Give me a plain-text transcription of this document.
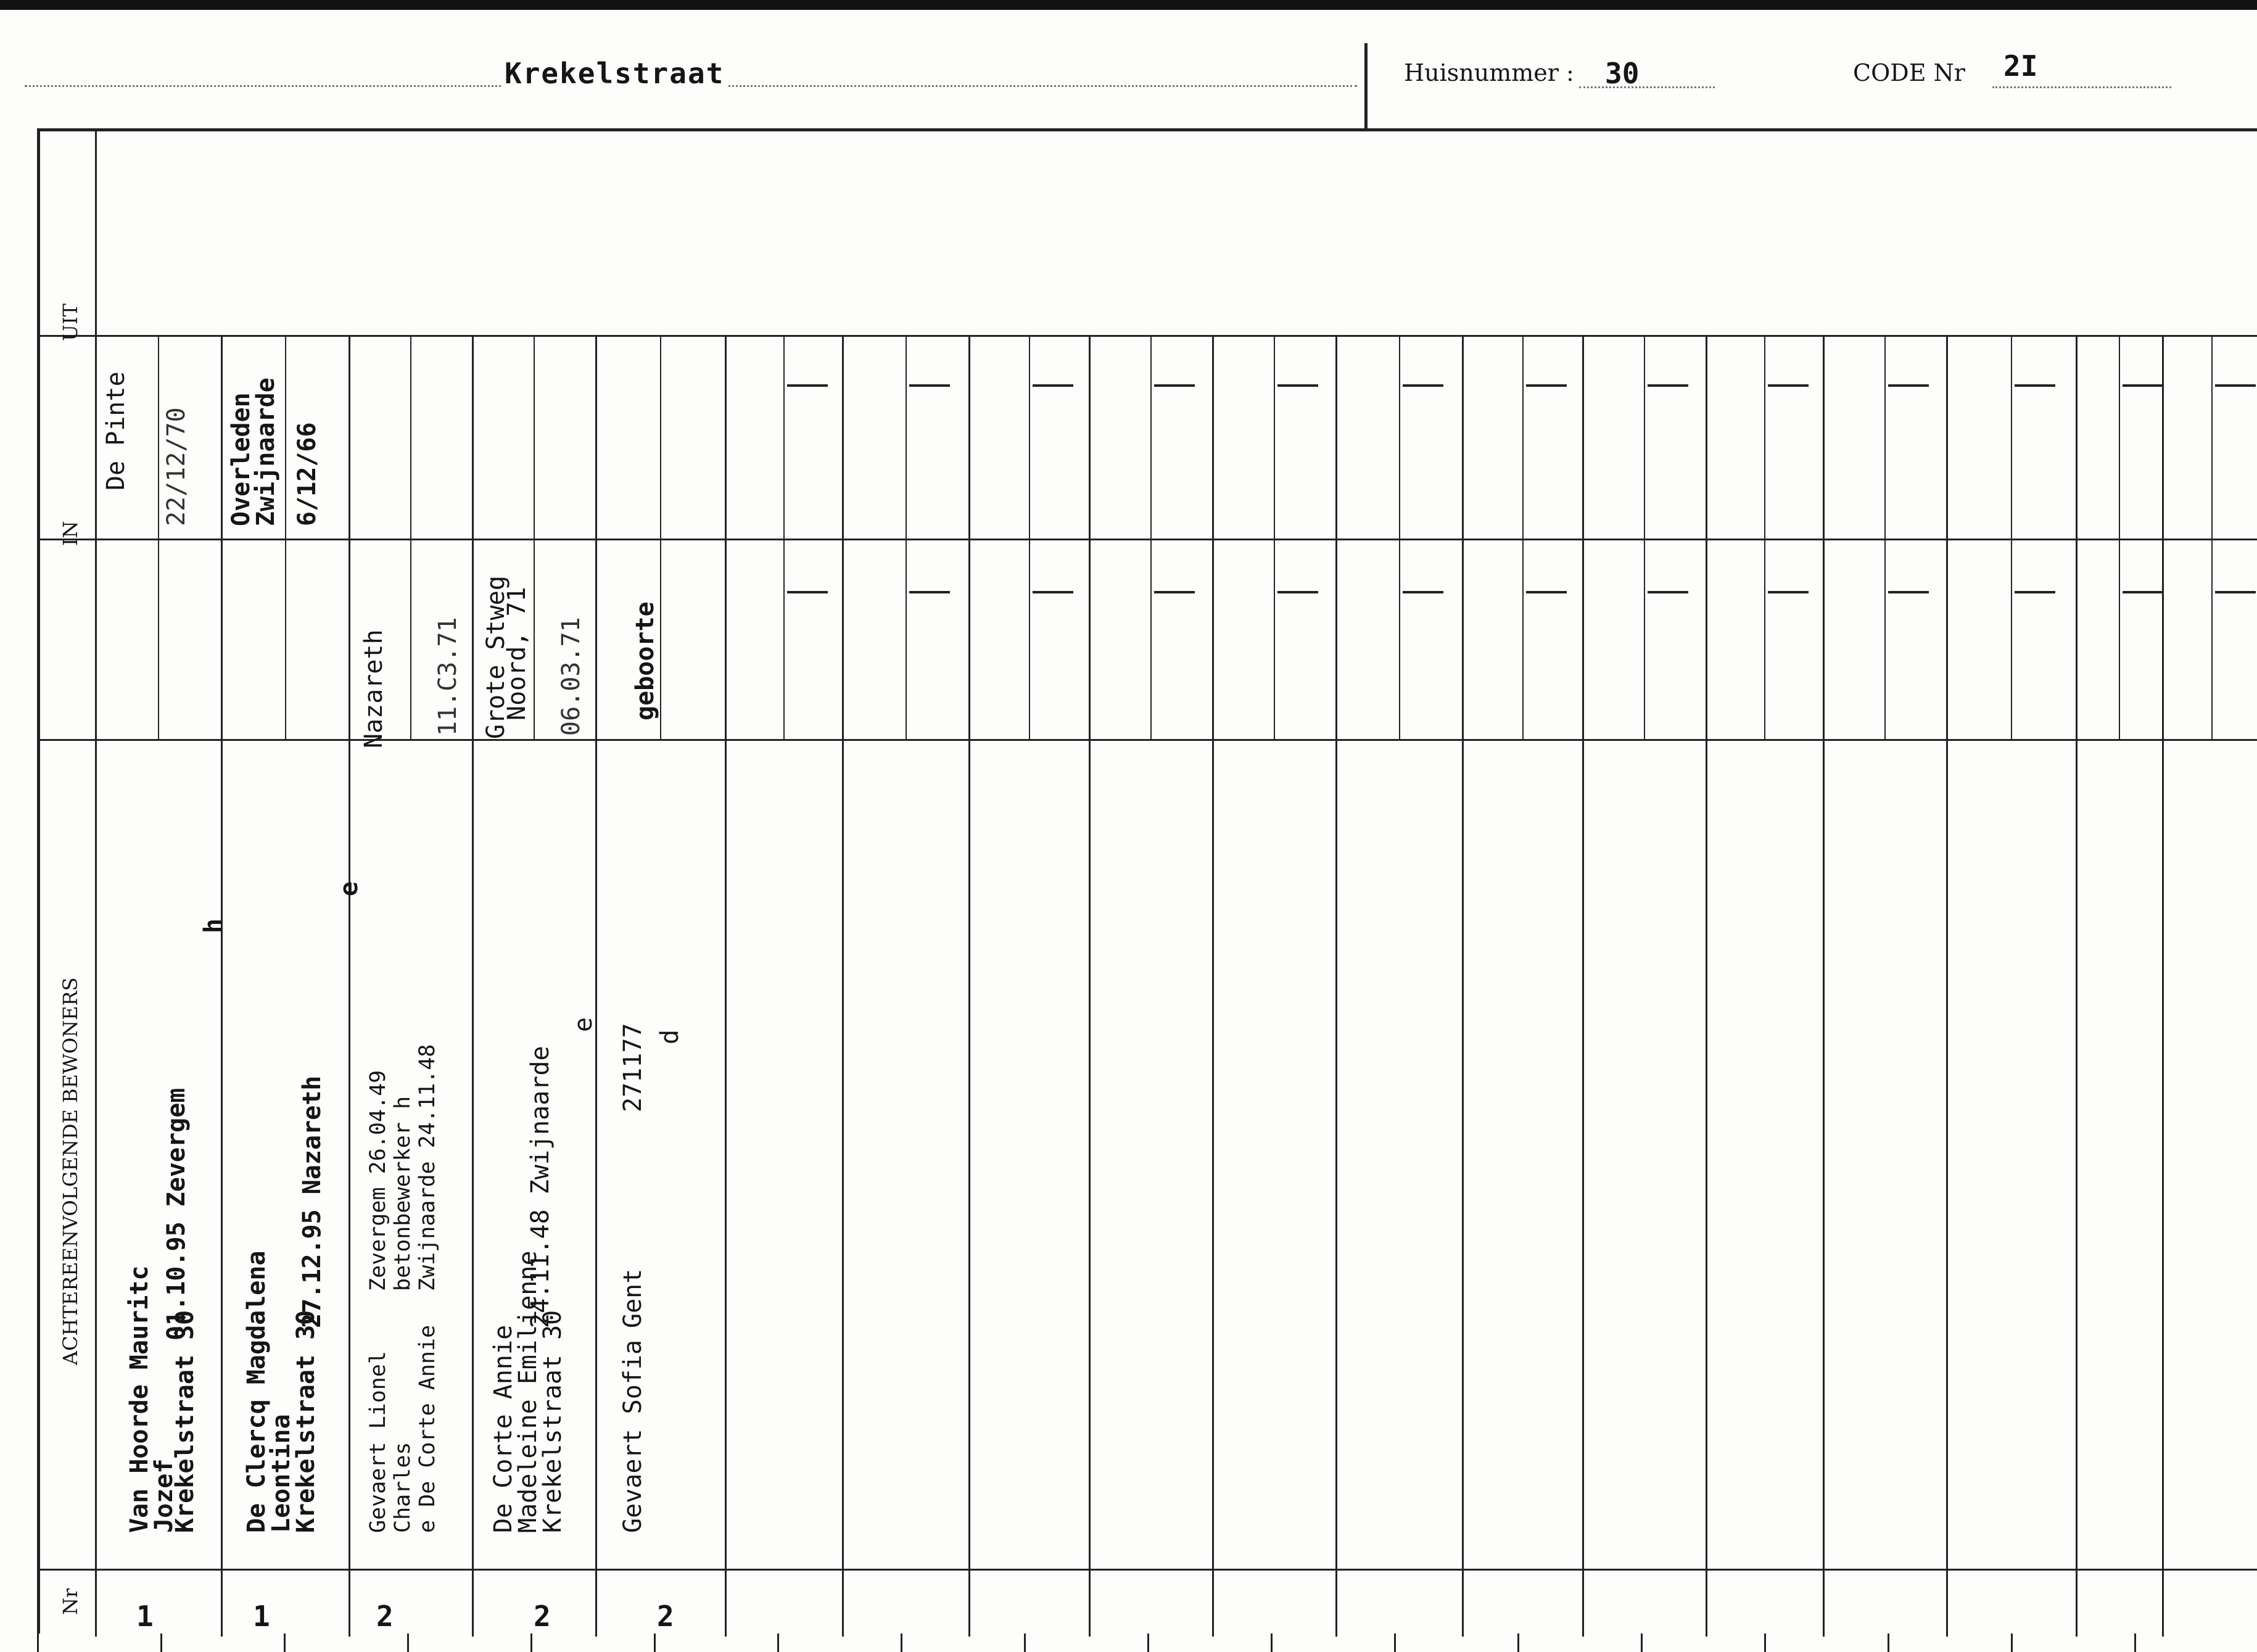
Krekelstraat	Huisnummer : 30	CODE Nr 2I
UIT
IN
ACHTEREENVOLGENDE BEWONERS
Nr
De Pinte 22/12/70
Van Hoorde Mauritc
Jozef
Krekelstraat 30
01.10.95 Zevergem
h
1
Overleden
Zwijnaarde 6/12/66
De Clercq Magdalena
Leontina
Krekelstraat 30
27.12.95 Nazareth
e
1
Nazareth 11.C3.71
Gevaert Lionel Charles e De Corte Annie
Zevergem 26.04.49 betonbewerker h Zwijnaarde 24.11.48
2
Grote Stweg
Noord, 71 06.03.71
De Corte Annie
Madeleine Emilienne
Krekelstraat 30
24.11.48 Zwijnaarde
e
2
geboorte
Gevaert Sofia
Gent
271177 d
2
